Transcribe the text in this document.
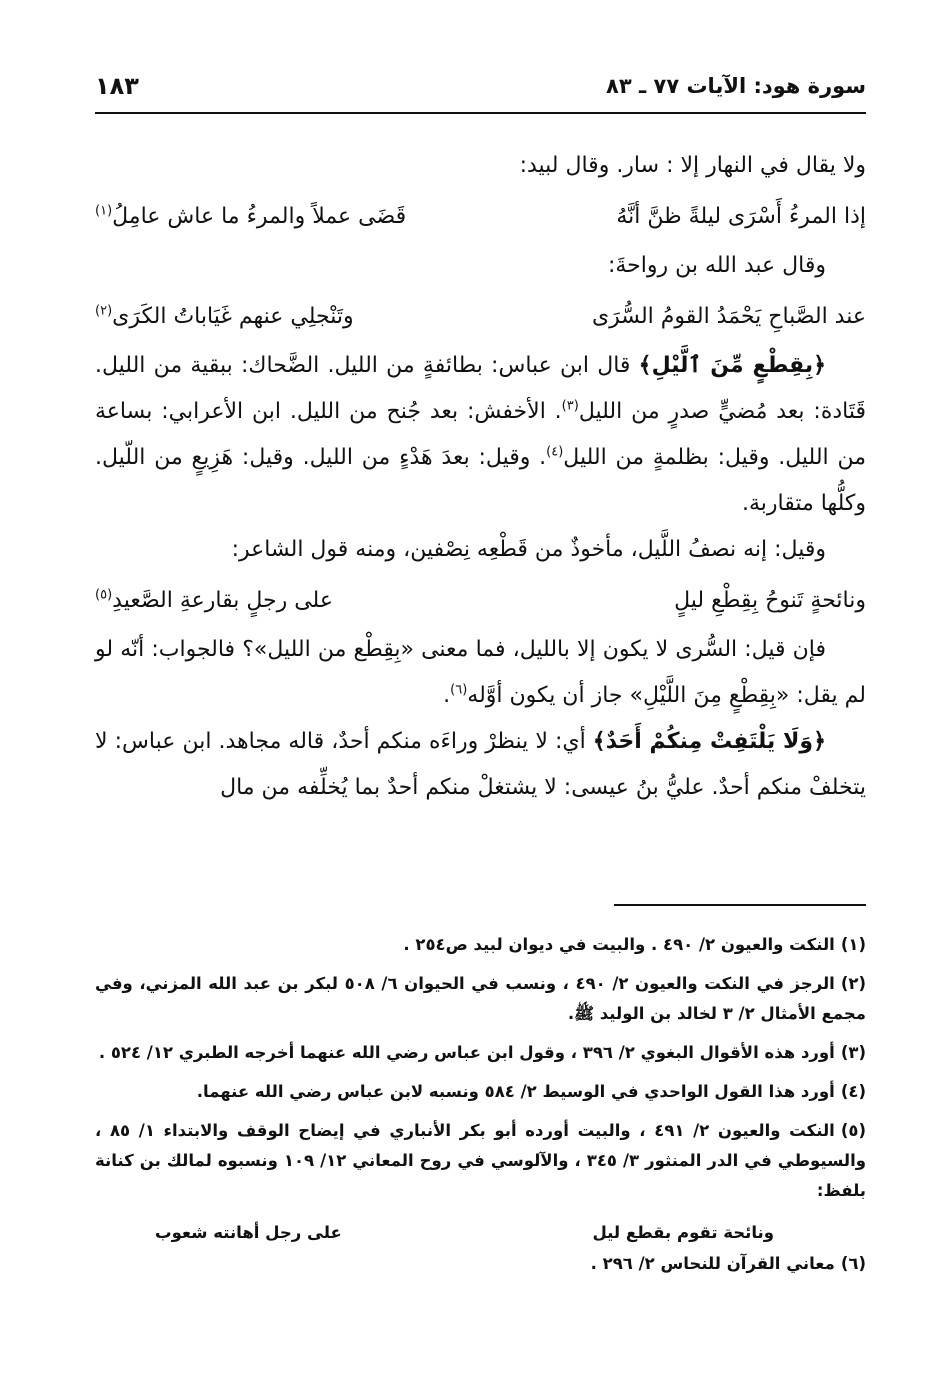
سورة هود: الآيات ٧٧ ـ ٨٣
١٨٣

ولا يقال في النهار إلا : سار. وقال لبيد:

إذا المرءُ أَسْرَى ليلةً ظنَّ أنَّهُ
قَضَى عملاً والمرءُ ما عاش عامِلُ$^{(١)}$

وقال عبد الله بن رواحةَ:

عند الصَّباحِ يَحْمَدُ القومُ السُّرَى
وتَنْجلِي عنهم غَيَاباتُ الكَرَى$^{(٢)}$

﴿بِقِطْعٍ مِّنَ ٱلَّيْلِ﴾ قال ابن عباس: بطائفةٍ من الليل. الضَّحاك: ببقية من الليل. قَتَادة: بعد مُضيٍّ صدرٍ من الليل$^{(٣)}$. الأخفش: بعد جُنح من الليل. ابن الأعرابي: بساعة من الليل. وقيل: بظلمةٍ من الليل$^{(٤)}$. وقيل: بعدَ هَدْءٍ من الليل. وقيل: هَزِيعٍ من اللّيل. وكلُّها متقاربة.

وقيل: إنه نصفُ اللَّيل، مأخوذٌ من قَطْعِه نِصْفين، ومنه قول الشاعر:

ونائحةٍ تَنوحُ بِقِطْعِ ليلٍ
على رجلٍ بقارعةِ الصَّعيدِ$^{(٥)}$

فإن قيل: السُّرى لا يكون إلا بالليل، فما معنى «بِقِطْع من الليل»؟ فالجواب: أنّه لو لم يقل: «بِقِطْعٍ مِنَ اللَّيْلِ» جاز أن يكون أوَّله$^{(٦)}$.

﴿وَلَا يَلْتَفِتْ مِنكُمْ أَحَدٌ﴾ أي: لا ينظرْ وراءَه منكم أحدٌ، قاله مجاهد. ابن عباس: لا يتخلفْ منكم أحدٌ. عليُّ بنُ عيسى: لا يشتغلْ منكم أحدٌ بما يُخلِّفه من مال

(١)النكت والعيون ٢/ ٤٩٠ . والبيت في ديوان لبيد ص٢٥٤ .

(٢)الرجز في النكت والعيون ٢/ ٤٩٠ ، ونسب في الحيوان ٦/ ٥٠٨ لبكر بن عبد الله المزني، وفي مجمع الأمثال ٢/ ٣ لخالد بن الوليد ﷺ.

(٣)أورد هذه الأقوال البغوي ٢/ ٣٩٦ ، وقول ابن عباس رضي الله عنهما أخرجه الطبري ١٢/ ٥٢٤ .

(٤)أورد هذا القول الواحدي في الوسيط ٢/ ٥٨٤ ونسبه لابن عباس رضي الله عنهما.

(٥)النكت والعيون ٢/ ٤٩١ ، والبيت أورده أبو بكر الأنباري في إيضاح الوقف والابتداء ١/ ٨٥ ، والسيوطي في الدر المنثور ٣/ ٣٤٥ ، والآلوسي في روح المعاني ١٢/ ١٠٩ ونسبوه لمالك بن كنانة بلفظ:

ونائحة تقوم بقطع ليل
على رجل أهانته شعوب

(٦)معاني القرآن للنحاس ٢/ ٢٩٦ .
